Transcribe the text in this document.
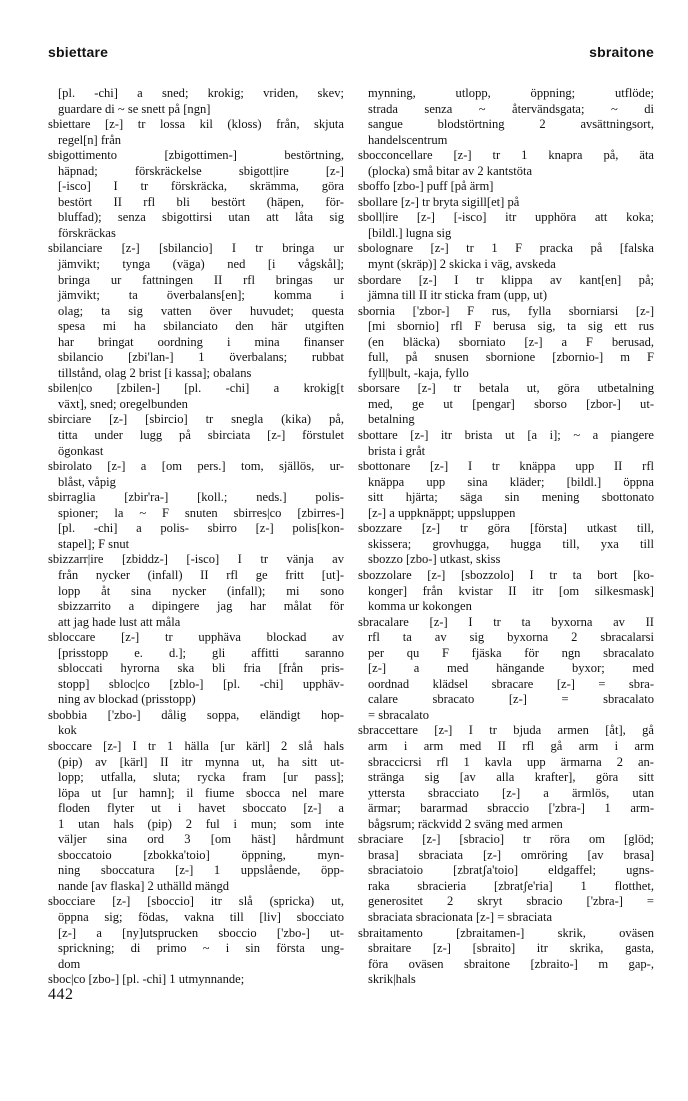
sbiettare	sbraitone

[pl. -chi] a sned; krokig; vriden, skev;
guardare di ~ se snett på [ngn]

sbiettare [z-] tr lossa kil (kloss) från, skjuta
regel[n] från

sbigottimento [zbigottimen-] bestörtning,
häpnad; förskräckelse sbigott|ire [z-]
[-isco] I tr förskräcka, skrämma, göra
bestört II rfl bli bestört (häpen, för-
bluffad); senza sbigottirsi utan att låta sig
förskräckas

sbilanciare [z-] [sbilancio] I tr bringa ur
jämvikt; tynga (väga) ned [i vågskål];
bringa ur fattningen II rfl bringas ur
jämvikt; ta överbalans[en]; komma i
olag; ta sig vatten över huvudet; questa
spesa mi ha sbilanciato den här utgiften
har bringat oordning i mina finanser
sbilancio [zbi'lan-] 1 överbalans; rubbat
tillstånd, olag 2 brist [i kassa]; obalans

sbilen|co [zbilen-] [pl. -chi] a krokig[t
växt], sned; oregelbunden

sbirciare [z-] [sbircio] tr snegla (kika) på,
titta under lugg på sbirciata [z-] förstulet
ögonkast

sbirolato [z-] a [om pers.] tom, själlös, ur-
blåst, våpig

sbirraglia [zbir'ra-] [koll.; neds.] polis-
spioner; la ~ F snuten sbirres|co [zbirres-]
[pl. -chi] a polis- sbirro [z-] polis[kon-
stapel]; F snut

sbizzarr|ire [zbiddz-] [-isco] I tr vänja av
från nycker (infall) II rfl ge fritt [ut]-
lopp åt sina nycker (infall); mi sono
sbizzarrito a dipingere jag har målat för
att jag hade lust att måla

sbloccare [z-] tr upphäva blockad av
[prisstopp e. d.]; gli affitti saranno
sbloccati hyrorna ska bli fria [från pris-
stopp] sbloc|co [zblo-] [pl. -chi] upphäv-
ning av blockad (prisstopp)

sbobbia ['zbo-] dålig soppa, eländigt hop-
kok

sboccare [z-] I tr 1 hälla [ur kärl] 2 slå hals
(pip) av [kärl] II itr mynna ut, ha sitt ut-
lopp; utfalla, sluta; rycka fram [ur pass];
löpa ut [ur hamn]; il fiume sbocca nel mare
floden flyter ut i havet sboccato [z-] a
1 utan hals (pip) 2 ful i mun; som inte
väljer sina ord 3 [om häst] hårdmunt
sboccatoio [zbokka'toio] öppning, myn-
ning sboccatura [z-] 1 uppslående, öpp-
nande [av flaska] 2 uthälld mängd

sbocciare [z-] [sboccio] itr slå (spricka) ut,
öppna sig; födas, vakna till [liv] sbocciato
[z-] a [ny]utsprucken sboccio ['zbo-] ut-
sprickning; di primo ~ i sin första ung-
dom

sboc|co [zbo-] [pl. -chi] 1 utmynnande;

mynning, utlopp, öppning; utflöde;
strada senza ~ återvändsgata; ~ di
sangue blodstörtning 2 avsättningsort,
handelscentrum

sbocconcellare [z-] tr 1 knapra på, äta
(plocka) små bitar av 2 kantstöta

sboffo [zbo-] puff [på ärm]

sbollare [z-] tr bryta sigill[et] på

sboll|ire [z-] [-isco] itr upphöra att koka;
[bildl.] lugna sig

sbolognare [z-] tr 1 F pracka på [falska
mynt (skräp)] 2 skicka i väg, avskeda

sbordare [z-] I tr klippa av kant[en] på;
jämna till II itr sticka fram (upp, ut)

sbornia ['zbor-] F rus, fylla sborniarsi [z-]
[mi sbornio] rfl F berusa sig, ta sig ett rus
(en bläcka) sborniato [z-] a F berusad,
full, på snusen sbornione [zbornio-] m F
fyll|bult, -kaja, fyllo

sborsare [z-] tr betala ut, göra utbetalning
med, ge ut [pengar] sborso [zbor-] ut-
betalning

sbottare [z-] itr brista ut [a i]; ~ a piangere
brista i gråt

sbottonare [z-] I tr knäppa upp II rfl
knäppa upp sina kläder; [bildl.] öppna
sitt hjärta; säga sin mening sbottonato
[z-] a uppknäppt; uppsluppen

sbozzare [z-] tr göra [första] utkast till,
skissera; grovhugga, hugga till, yxa till
sbozzo [zbo-] utkast, skiss

sbozzolare [z-] [sbozzolo] I tr ta bort [ko-
konger] från kvistar II itr [om silkesmask]
komma ur kokongen

sbracalare [z-] I tr ta byxorna av II
rfl ta av sig byxorna 2 sbracalarsi
per qu F fjäska för ngn sbracalato
[z-] a med hängande byxor; med
oordnad klädsel sbracare [z-] = sbra-
calare sbracato [z-] = sbracalato
= sbracalato

sbraccettare [z-] I tr bjuda armen [åt], gå
arm i arm med II rfl gå arm i arm
sbraccicrsi rfl 1 kavla upp ärmarna 2 an-
stränga sig [av alla krafter], göra sitt
yttersta sbracciato [z-] a ärmlös, utan
ärmar; bararmad sbraccio ['zbra-] 1 arm-
bågsrum; räckvidd 2 sväng med armen

sbraciare [z-] [sbracio] tr röra om [glöd;
brasa] sbraciata [z-] omröring [av brasa]
sbraciatoio [zbratʃa'toio] eldgaffel; ugns-
raka sbracieria [zbratʃe'ria] 1 flotthet,
generositet 2 skryt sbracio ['zbra-] =
sbraciata sbracionata [z-] = sbraciata

sbraitamento [zbraitamen-] skrik, oväsen
sbraitare [z-] [sbraito] itr skrika, gasta,
föra oväsen sbraitone [zbraito-] m gap-,
skrik|hals

442
